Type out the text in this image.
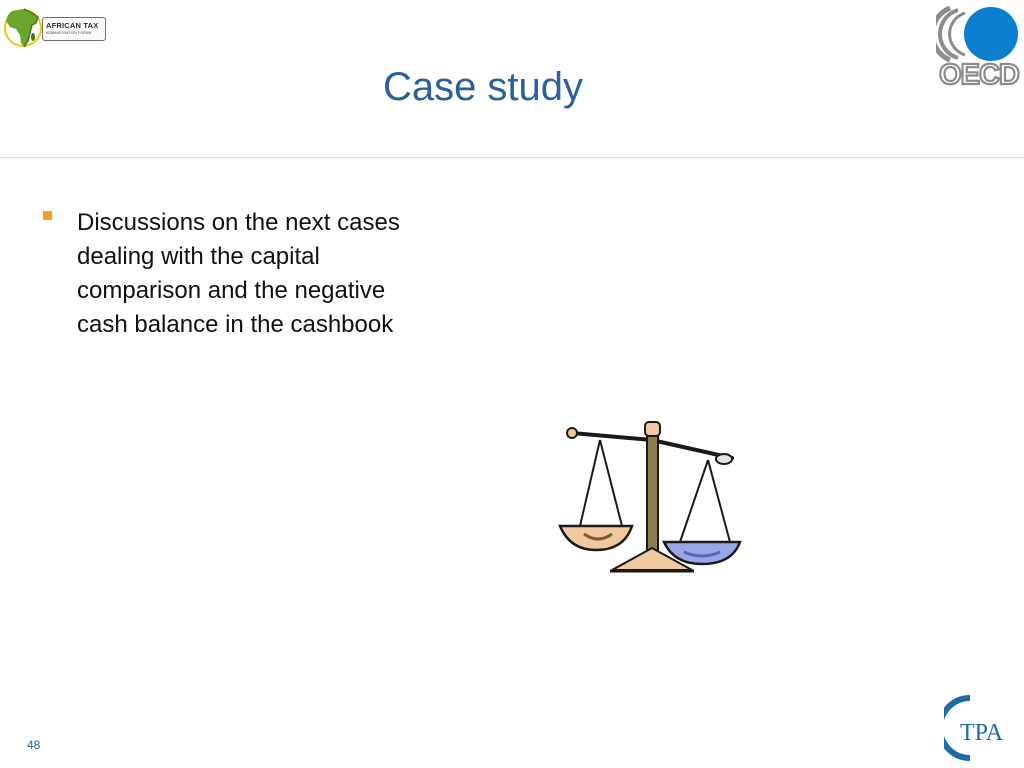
AFRICAN TAX
ADMINISTRATION FORUM
OECD
Case study
Discussions on the next cases
dealing with the capital
comparison and the negative
cash balance in the cashbook
TPA
48
